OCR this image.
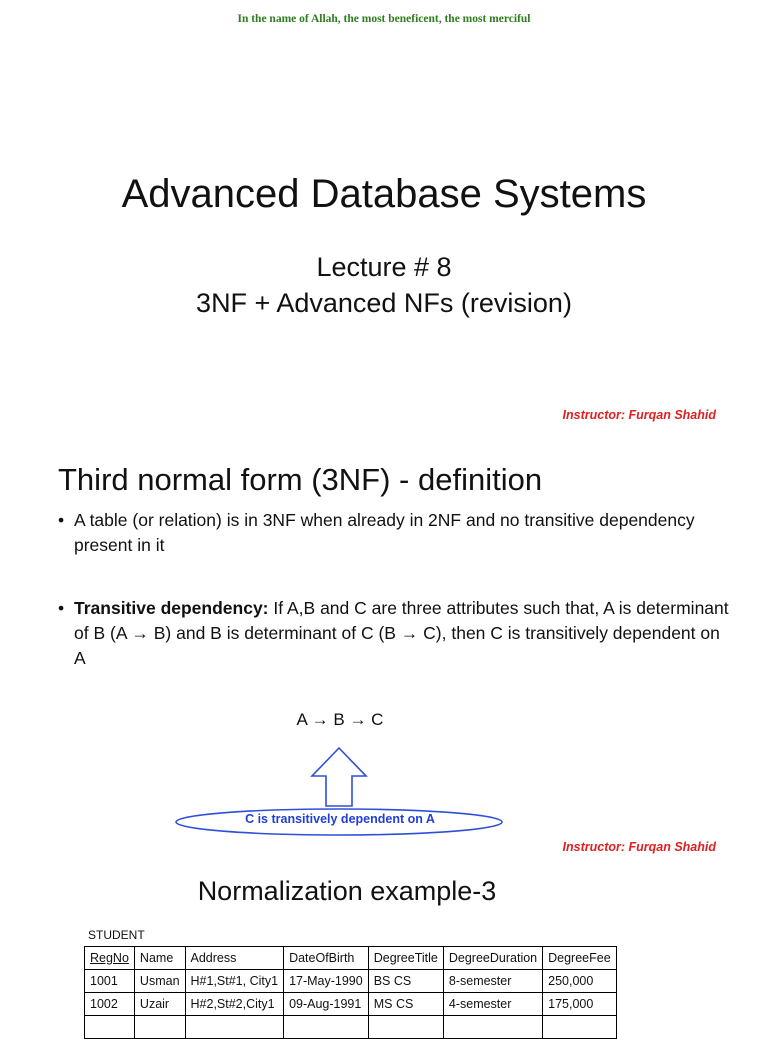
In the name of Allah, the most beneficent, the most merciful
Advanced Database Systems
Lecture # 8
3NF + Advanced NFs (revision)
Instructor: Furqan Shahid
Third normal form (3NF) - definition
• A table (or relation) is in 3NF when already in 2NF and no transitive dependency present in it
• Transitive dependency: If A,B and C are three attributes such that, A is determinant of B (A → B) and B is determinant of C (B → C), then C is transitively dependent on A
A → B → C
C is transitively dependent on A
Instructor: Furqan Shahid
Normalization example-3
STUDENT
RegNo	Name	Address	DateOfBirth	DegreeTitle	DegreeDuration	DegreeFee
1001	Usman	H#1,St#1, City1	17-May-1990	BS CS	8-semester	250,000
1002	Uzair	H#2,St#2,City1	09-Aug-1991	MS CS	4-semester	175,000
